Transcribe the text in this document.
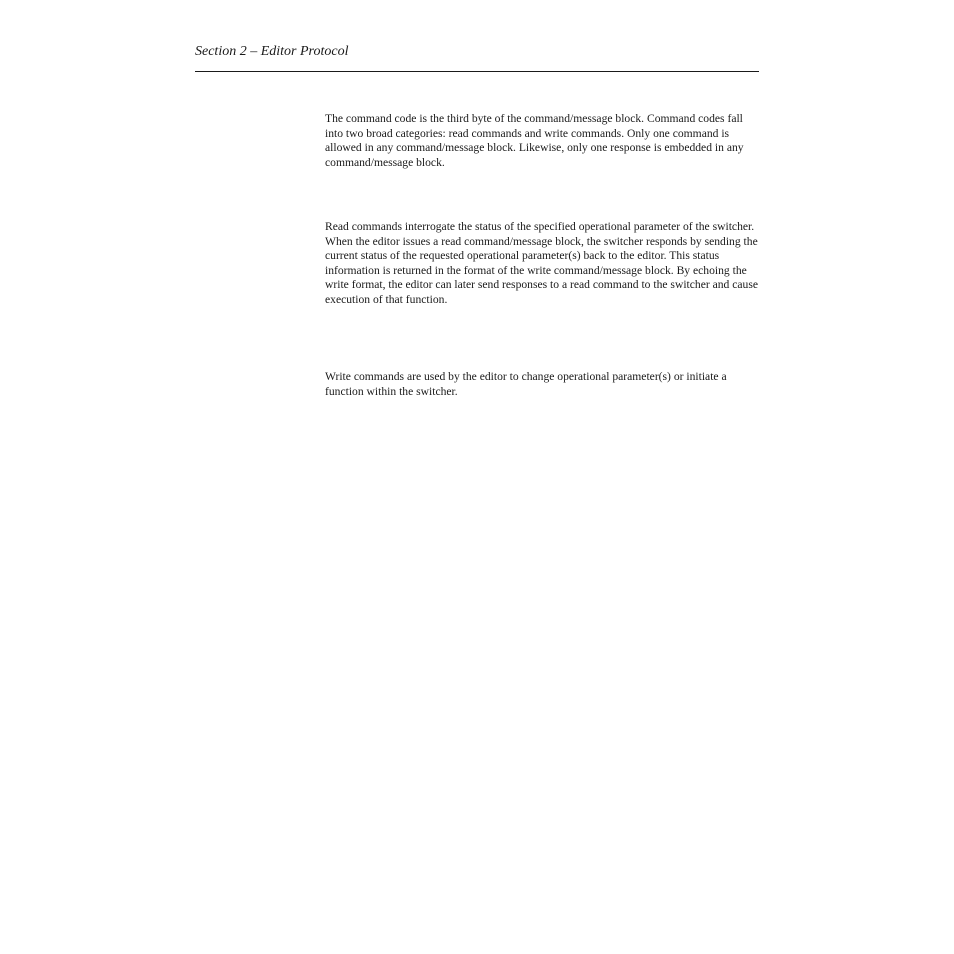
Section 2 – Editor Protocol

The command code is the third byte of the command/message block. Command codes fall into two broad categories: read commands and write commands. Only one command is allowed in any command/message block. Likewise, only one response is embedded in any command/message block.

Read commands interrogate the status of the specified operational parameter of the switcher. When the editor issues a read command/message block, the switcher responds by sending the current status of the requested operational parameter(s) back to the editor. This status information is returned in the format of the write command/message block. By echoing the write format, the editor can later send responses to a read command to the switcher and cause execution of that function.

Write commands are used by the editor to change operational parameter(s) or initiate a function within the switcher.
